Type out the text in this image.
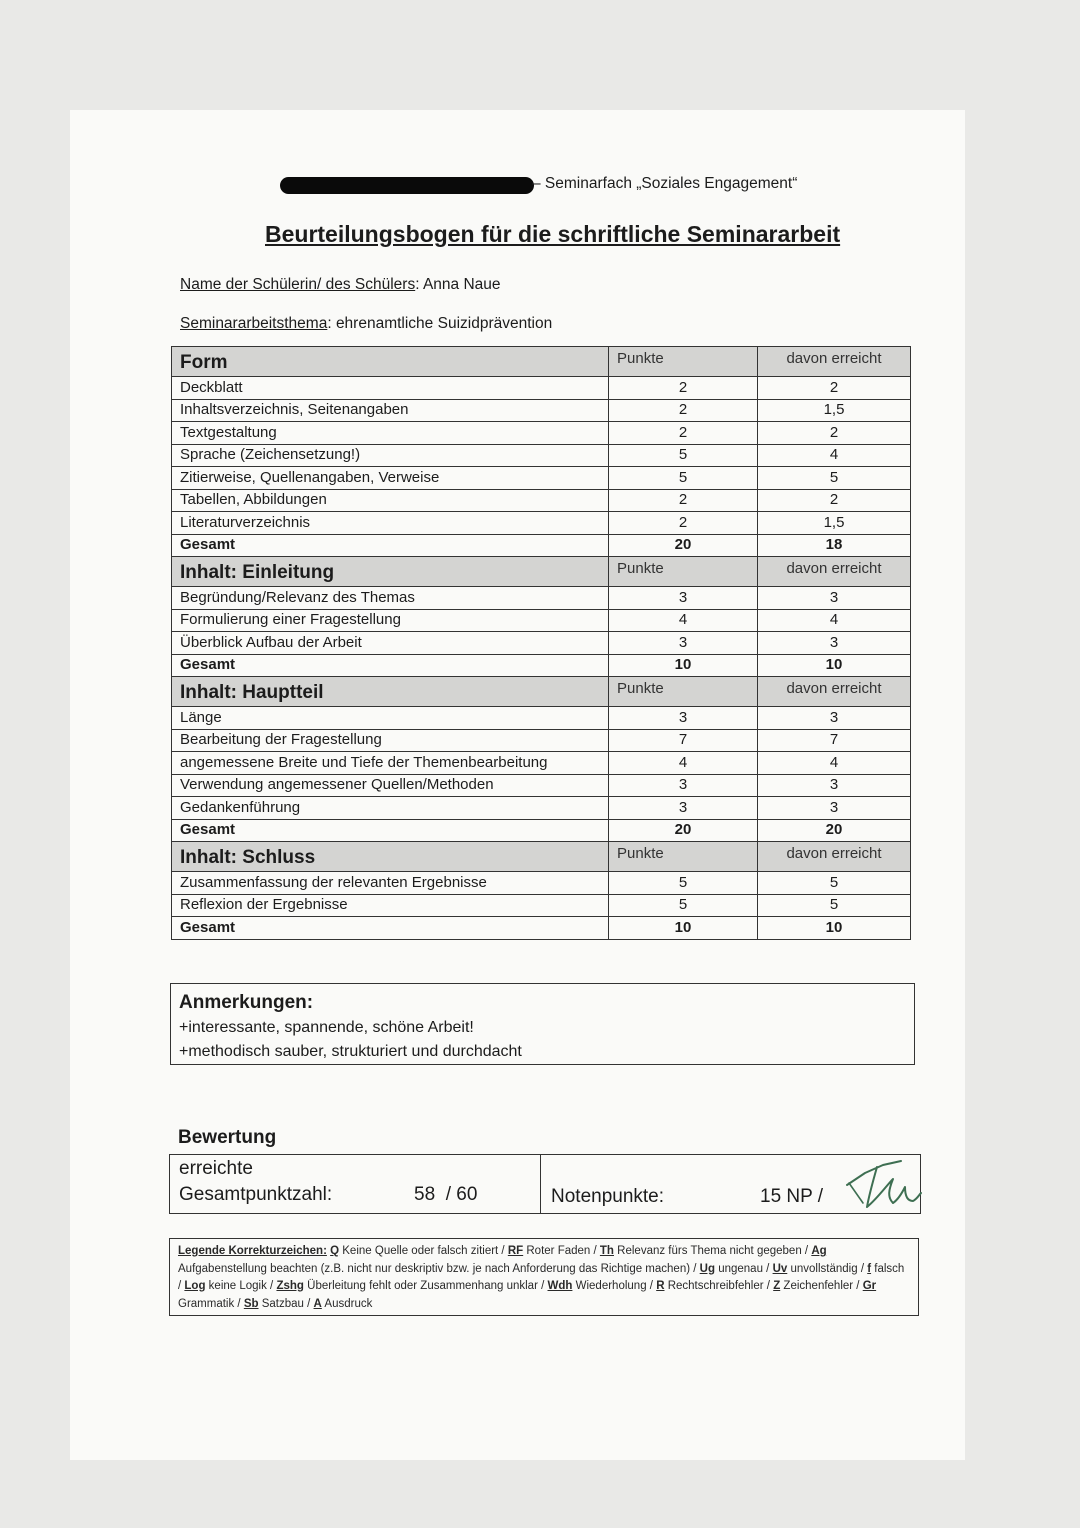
– Seminarfach „Soziales Engagement“
Beurteilungsbogen für die schriftliche Seminararbeit
Name der Schülerin/ des Schülers: Anna Naue
Seminararbeitsthema: ehrenamtliche Suizidprävention
Form	Punkte	davon erreicht
Deckblatt	2	2
Inhaltsverzeichnis, Seitenangaben	2	1,5
Textgestaltung	2	2
Sprache (Zeichensetzung!)	5	4
Zitierweise, Quellenangaben, Verweise	5	5
Tabellen, Abbildungen	2	2
Literaturverzeichnis	2	1,5
Gesamt	20	18
Inhalt: Einleitung	Punkte	davon erreicht
Begründung/Relevanz des Themas	3	3
Formulierung einer Fragestellung	4	4
Überblick Aufbau der Arbeit	3	3
Gesamt	10	10
Inhalt: Hauptteil	Punkte	davon erreicht
Länge	3	3
Bearbeitung der Fragestellung	7	7
angemessene Breite und Tiefe der Themenbearbeitung	4	4
Verwendung angemessener Quellen/Methoden	3	3
Gedankenführung	3	3
Gesamt	20	20
Inhalt: Schluss	Punkte	davon erreicht
Zusammenfassung der relevanten Ergebnisse	5	5
Reflexion der Ergebnisse	5	5
Gesamt	10	10
Anmerkungen:
+interessante, spannende, schöne Arbeit!
+methodisch sauber, strukturiert und durchdacht
Bewertung
erreichte
Gesamtpunktzahl:	58  / 60	Notenpunkte:	15 NP /
Legende Korrekturzeichen: Q Keine Quelle oder falsch zitiert / RF Roter Faden / Th Relevanz fürs Thema nicht gegeben / Ag Aufgabenstellung beachten (z.B. nicht nur deskriptiv bzw. je nach Anforderung das Richtige machen) / Ug ungenau / Uv unvollständig / f falsch / Log keine Logik / Zshg Überleitung fehlt oder Zusammenhang unklar / Wdh Wiederholung / R Rechtschreibfehler / Z Zeichenfehler / Gr Grammatik / Sb Satzbau / A Ausdruck
